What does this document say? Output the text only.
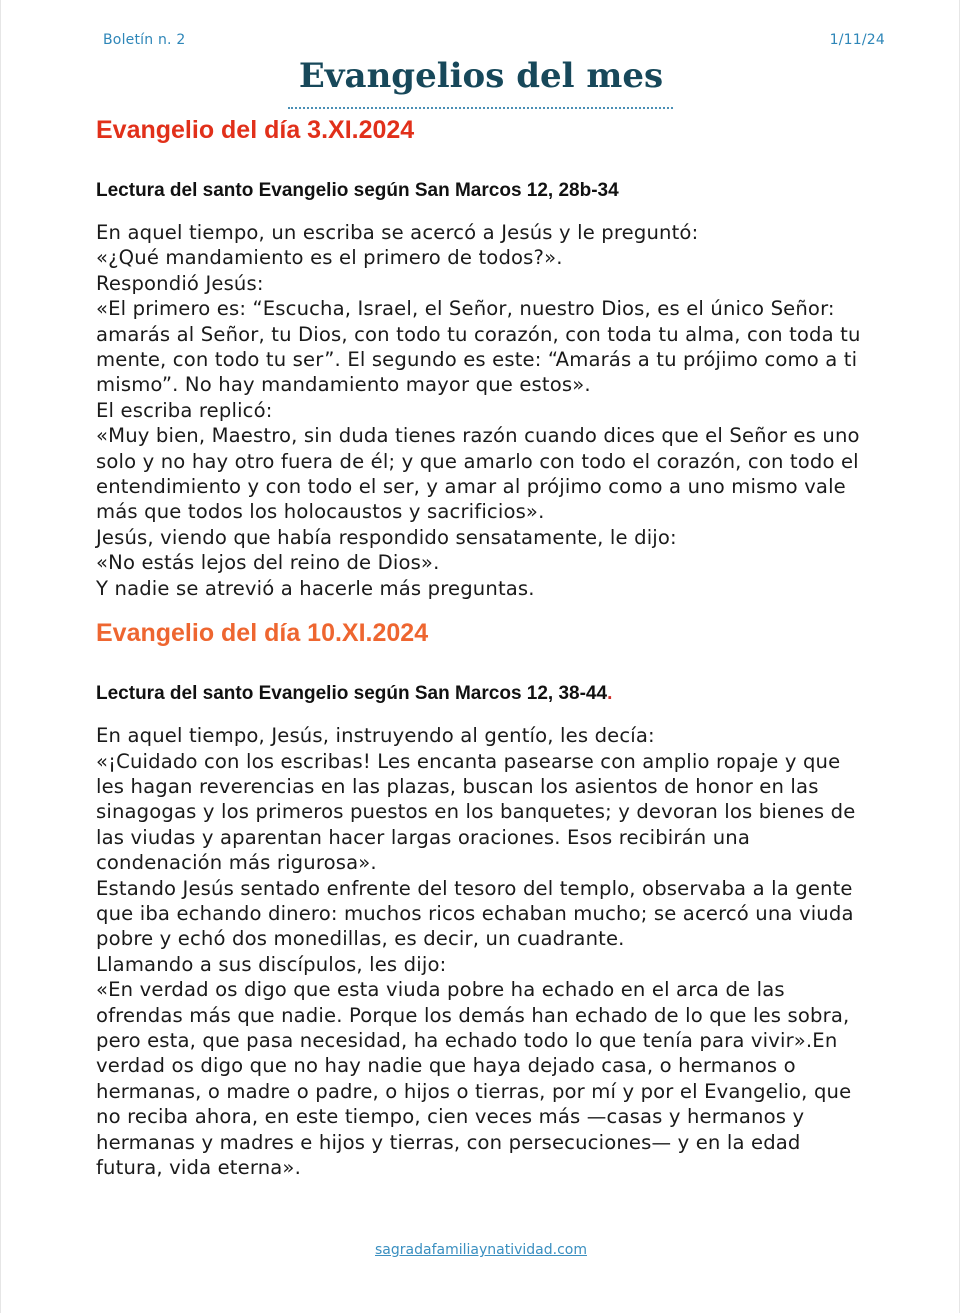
Boletín n. 2	1/11/24
Evangelios del mes
Evangelio del día 3.XI.2024

Lectura del santo Evangelio según San Marcos 12, 28b-34

En aquel tiempo, un escriba se acercó a Jesús y le preguntó:
«¿Qué mandamiento es el primero de todos?».
Respondió Jesús:
«El primero es: “Escucha, Israel, el Señor, nuestro Dios, es el único Señor:
amarás al Señor, tu Dios, con todo tu corazón, con toda tu alma, con toda tu
mente, con todo tu ser”. El segundo es este: “Amarás a tu prójimo como a ti
mismo”. No hay mandamiento mayor que estos».
El escriba replicó:
«Muy bien, Maestro, sin duda tienes razón cuando dices que el Señor es uno
solo y no hay otro fuera de él; y que amarlo con todo el corazón, con todo el
entendimiento y con todo el ser, y amar al prójimo como a uno mismo vale
más que todos los holocaustos y sacrificios».
Jesús, viendo que había respondido sensatamente, le dijo:
«No estás lejos del reino de Dios».
Y nadie se atrevió a hacerle más preguntas.
Evangelio del día 10.XI.2024

Lectura del santo Evangelio según San Marcos 12, 38-44.

En aquel tiempo, Jesús, instruyendo al gentío, les decía:
«¡Cuidado con los escribas! Les encanta pasearse con amplio ropaje y que
les hagan reverencias en las plazas, buscan los asientos de honor en las
sinagogas y los primeros puestos en los banquetes; y devoran los bienes de
las viudas y aparentan hacer largas oraciones. Esos recibirán una
condenación más rigurosa».
Estando Jesús sentado enfrente del tesoro del templo, observaba a la gente
que iba echando dinero: muchos ricos echaban mucho; se acercó una viuda
pobre y echó dos monedillas, es decir, un cuadrante.
Llamando a sus discípulos, les dijo:
«En verdad os digo que esta viuda pobre ha echado en el arca de las
ofrendas más que nadie. Porque los demás han echado de lo que les sobra,
pero esta, que pasa necesidad, ha echado todo lo que tenía para vivir».En
verdad os digo que no hay nadie que haya dejado casa, o hermanos o
hermanas, o madre o padre, o hijos o tierras, por mí y por el Evangelio, que
no reciba ahora, en este tiempo, cien veces más —casas y hermanos y
hermanas y madres e hijos y tierras, con persecuciones— y en la edad
futura, vida eterna».
sagradafamiliaynatividad.com
